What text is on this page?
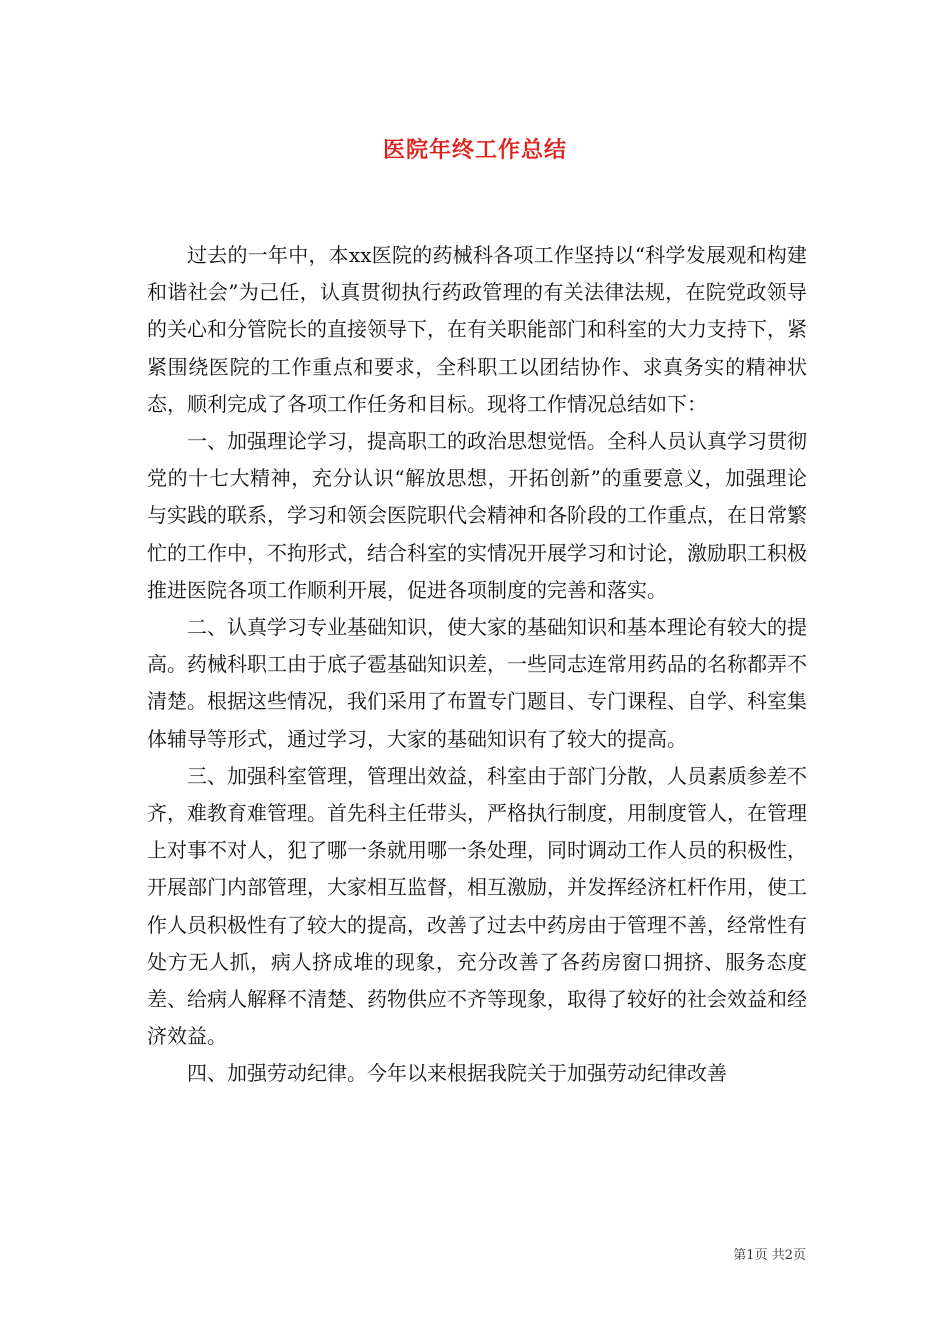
医院年终工作总结

过去的一年中，本xx医院的药械科各项工作坚持以“科学发展观和构建和谐社会”为己任，认真贯彻执行药政管理的有关法律法规，在院党政领导的关心和分管院长的直接领导下，在有关职能部门和科室的大力支持下，紧紧围绕医院的工作重点和要求，全科职工以团结协作、求真务实的精神状态，顺利完成了各项工作任务和目标。现将工作情况总结如下：

一、加强理论学习，提高职工的政治思想觉悟。全科人员认真学习贯彻党的十七大精神，充分认识“解放思想，开拓创新”的重要意义，加强理论与实践的联系，学习和领会医院职代会精神和各阶段的工作重点，在日常繁忙的工作中，不拘形式，结合科室的实情况开展学习和讨论，激励职工积极推进医院各项工作顺利开展，促进各项制度的完善和落实。

二、认真学习专业基础知识，使大家的基础知识和基本理论有较大的提高。药械科职工由于底子雹基础知识差，一些同志连常用药品的名称都弄不清楚。根据这些情况，我们采用了布置专门题目、专门课程、自学、科室集体辅导等形式，通过学习，大家的基础知识有了较大的提高。

三、加强科室管理，管理出效益，科室由于部门分散，人员素质参差不齐，难教育难管理。首先科主任带头，严格执行制度，用制度管人，在管理上对事不对人，犯了哪一条就用哪一条处理，同时调动工作人员的积极性，开展部门内部管理，大家相互监督，相互激励，并发挥经济杠杆作用，使工作人员积极性有了较大的提高，改善了过去中药房由于管理不善，经常性有处方无人抓，病人挤成堆的现象，充分改善了各药房窗口拥挤、服务态度差、给病人解释不清楚、药物供应不齐等现象，取得了较好的社会效益和经济效益。

四、加强劳动纪律。今年以来根据我院关于加强劳动纪律改善

第1页 共2页
